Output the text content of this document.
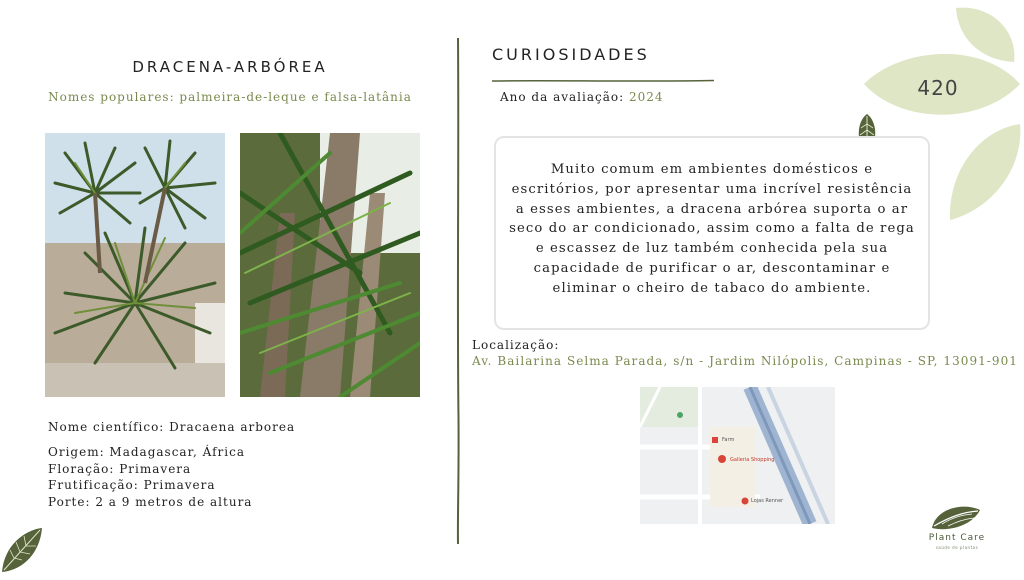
420
DRACENA-ARBÓREA
Nomes populares: palmeira-de-leque e falsa-latânia
Nome científico: Dracaena arborea
Origem: Madagascar, África
Floração: Primavera
Frutificação: Primavera
Porte: 2 a 9 metros de altura
CURIOSIDADES
Ano da avaliação: 2024
Muito comum em ambientes domésticos e escritórios, por apresentar uma incrível resistência a esses ambientes, a dracena arbórea suporta o ar seco do ar condicionado, assim como a falta de rega e escassez de luz também conhecida pela sua capacidade de purificar o ar, descontaminar e eliminar o cheiro de tabaco do ambiente.
Localização:
Av. Bailarina Selma Parada, s/n - Jardim Nilópolis, Campinas - SP, 13091-901
Galleria Shopping
Farm
Lojas Renner
Plant Care
saúde de plantas
